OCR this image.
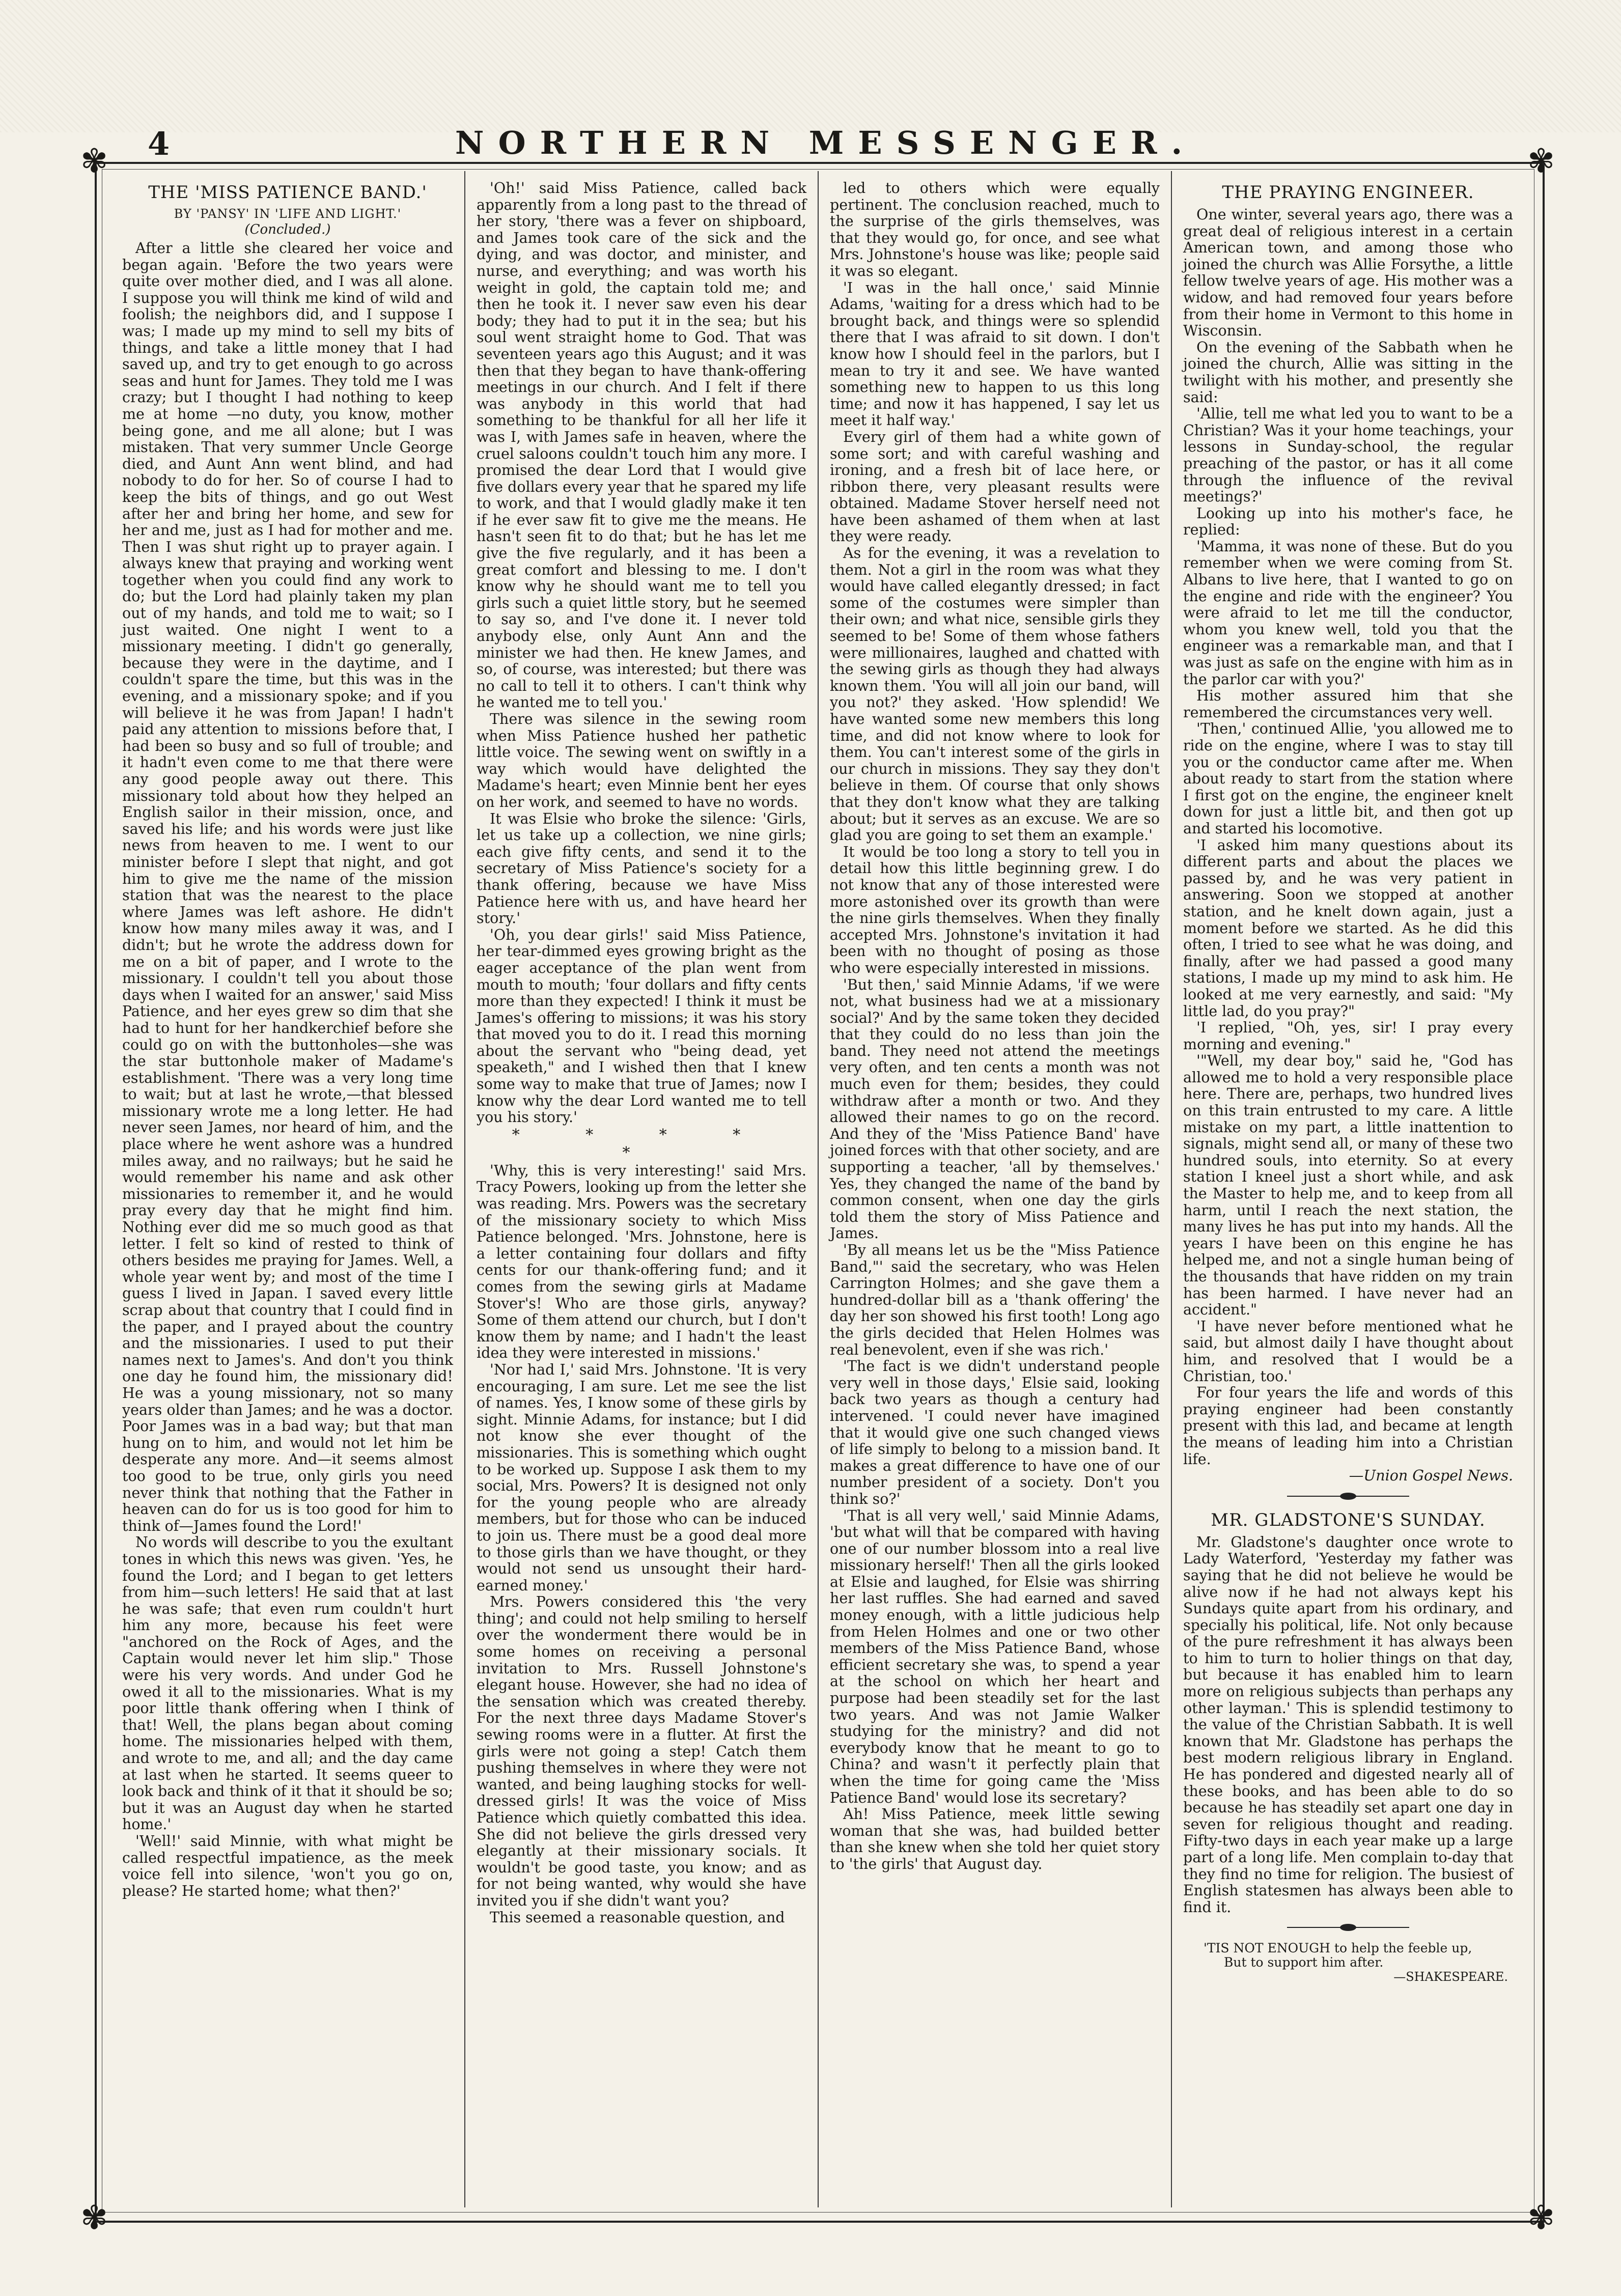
4	NORTHERN MESSENGER.
✾	✾
✾	✾
THE 'MISS PATIENCE BAND.'
BY 'PANSY' IN 'LIFE AND LIGHT.'
(Concluded.)

After a little she cleared her voice and began again. 'Before the two years were quite over mother died, and I was all alone. I suppose you will think me kind of wild and foolish; the neighbors did, and I suppose I was; I made up my mind to sell my bits of things, and take a little money that I had saved up, and try to get enough to go across seas and hunt for James. They told me I was crazy; but I thought I had nothing to keep me at home —no duty, you know, mother being gone, and me all alone; but I was mistaken. That very summer Uncle George died, and Aunt Ann went blind, and had nobody to do for her. So of course I had to keep the bits of things, and go out West after her and bring her home, and sew for her and me, just as I had for mother and me. Then I was shut right up to prayer again. I always knew that praying and working went together when you could find any work to do; but the Lord had plainly taken my plan out of my hands, and told me to wait; so I just waited. One night I went to a missionary meeting. I didn't go generally, because they were in the daytime, and I couldn't spare the time, but this was in the evening, and a missionary spoke; and if you will believe it he was from Japan! I hadn't paid any attention to missions before that, I had been so busy and so full of trouble; and it hadn't even come to me that there were any good people away out there. This missionary told about how they helped an English sailor in their mission, once, and saved his life; and his words were just like news from heaven to me. I went to our minister before I slept that night, and got him to give me the name of the mission station that was the nearest to the place where James was left ashore. He didn't know how many miles away it was, and I didn't; but he wrote the address down for me on a bit of paper, and I wrote to the missionary. I couldn't tell you about those days when I waited for an answer,' said Miss Patience, and her eyes grew so dim that she had to hunt for her handkerchief before she could go on with the buttonholes—she was the star buttonhole maker of Madame's establishment. 'There was a very long time to wait; but at last he wrote,—that blessed missionary wrote me a long letter. He had never seen James, nor heard of him, and the place where he went ashore was a hundred miles away, and no railways; but he said he would remember his name and ask other missionaries to remember it, and he would pray every day that he might find him. Nothing ever did me so much good as that letter. I felt so kind of rested to think of others besides me praying for James. Well, a whole year went by; and most of the time I guess I lived in Japan. I saved every little scrap about that country that I could find in the paper, and I prayed about the country and the missionaries. I used to put their names next to James's. And don't you think one day he found him, the missionary did! He was a young missionary, not so many years older than James; and he was a doctor. Poor James was in a bad way; but that man hung on to him, and would not let him be desperate any more. And—it seems almost too good to be true, only girls you need never think that nothing that the Father in heaven can do for us is too good for him to think of—James found the Lord!'

No words will describe to you the exultant tones in which this news was given. 'Yes, he found the Lord; and I began to get letters from him—such letters! He said that at last he was safe; that even rum couldn't hurt him any more, because his feet were "anchored on the Rock of Ages, and the Captain would never let him slip." Those were his very words. And under God he owed it all to the missionaries. What is my poor little thank offering when I think of that! Well, the plans began about coming home. The missionaries helped with them, and wrote to me, and all; and the day came at last when he started. It seems queer to look back and think of it that it should be so; but it was an August day when he started home.'

'Well!' said Minnie, with what might be called respectful impatience, as the meek voice fell into silence, 'won't you go on, please? He started home; what then?'

'Oh!' said Miss Patience, called back apparently from a long past to the thread of her story, 'there was a fever on shipboard, and James took care of the sick and the dying, and was doctor, and minister, and nurse, and everything; and was worth his weight in gold, the captain told me; and then he took it. I never saw even his dear body; they had to put it in the sea; but his soul went straight home to God. That was seventeen years ago this August; and it was then that they began to have thank-offering meetings in our church. And I felt if there was anybody in this world that had something to be thankful for all her life it was I, with James safe in heaven, where the cruel saloons couldn't touch him any more. I promised the dear Lord that I would give five dollars every year that he spared my life to work, and that I would gladly make it ten if he ever saw fit to give me the means. He hasn't seen fit to do that; but he has let me give the five regularly, and it has been a great comfort and blessing to me. I don't know why he should want me to tell you girls such a quiet little story, but he seemed to say so, and I've done it. I never told anybody else, only Aunt Ann and the minister we had then. He knew James, and so, of course, was interested; but there was no call to tell it to others. I can't think why he wanted me to tell you.'

There was silence in the sewing room when Miss Patience hushed her pathetic little voice. The sewing went on swiftly in a way which would have delighted the Madame's heart; even Minnie bent her eyes on her work, and seemed to have no words.

It was Elsie who broke the silence: 'Girls, let us take up a collection, we nine girls; each give fifty cents, and send it to the secretary of Miss Patience's society for a thank offering, because we have Miss Patience here with us, and have heard her story.'

'Oh, you dear girls!' said Miss Patience, her tear-dimmed eyes growing bright as the eager acceptance of the plan went from mouth to mouth; 'four dollars and fifty cents more than they expected! I think it must be James's offering to missions; it was his story that moved you to do it. I read this morning about the servant who "being dead, yet speaketh," and I wished then that I knew some way to make that true of James; now I know why the dear Lord wanted me to tell you his story.'

* * * * *

'Why, this is very interesting!' said Mrs. Tracy Powers, looking up from the letter she was reading. Mrs. Powers was the secretary of the missionary society to which Miss Patience belonged. 'Mrs. Johnstone, here is a letter containing four dollars and fifty cents for our thank-offering fund; and it comes from the sewing girls at Madame Stover's! Who are those girls, anyway? Some of them attend our church, but I don't know them by name; and I hadn't the least idea they were interested in missions.'

'Nor had I,' said Mrs. Johnstone. 'It is very encouraging, I am sure. Let me see the list of names. Yes, I know some of these girls by sight. Minnie Adams, for instance; but I did not know she ever thought of the missionaries. This is something which ought to be worked up. Suppose I ask them to my social, Mrs. Powers? It is designed not only for the young people who are already members, but for those who can be induced to join us. There must be a good deal more to those girls than we have thought, or they would not send us unsought their hard-earned money.'

Mrs. Powers considered this 'the very thing'; and could not help smiling to herself over the wonderment there would be in some homes on receiving a personal invitation to Mrs. Russell Johnstone's elegant house. However, she had no idea of the sensation which was created thereby. For the next three days Madame Stover's sewing rooms were in a flutter. At first the girls were not going a step! Catch them pushing themselves in where they were not wanted, and being laughing stocks for well-dressed girls! It was the voice of Miss Patience which quietly combatted this idea. She did not believe the girls dressed very elegantly at their missionary socials. It wouldn't be good taste, you know; and as for not being wanted, why would she have invited you if she didn't want you?

This seemed a reasonable question, and

led to others which were equally pertinent. The conclusion reached, much to the surprise of the girls themselves, was that they would go, for once, and see what Mrs. Johnstone's house was like; people said it was so elegant.

'I was in the hall once,' said Minnie Adams, 'waiting for a dress which had to be brought back, and things were so splendid there that I was afraid to sit down. I don't know how I should feel in the parlors, but I mean to try it and see. We have wanted something new to happen to us this long time; and now it has happened, I say let us meet it half way.'

Every girl of them had a white gown of some sort; and with careful washing and ironing, and a fresh bit of lace here, or ribbon there, very pleasant results were obtained. Madame Stover herself need not have been ashamed of them when at last they were ready.

As for the evening, it was a revelation to them. Not a girl in the room was what they would have called elegantly dressed; in fact some of the costumes were simpler than their own; and what nice, sensible girls they seemed to be! Some of them whose fathers were millionaires, laughed and chatted with the sewing girls as though they had always known them. 'You will all join our band, will you not?' they asked. 'How splendid! We have wanted some new members this long time, and did not know where to look for them. You can't interest some of the girls in our church in missions. They say they don't believe in them. Of course that only shows that they don't know what they are talking about; but it serves as an excuse. We are so glad you are going to set them an example.'

It would be too long a story to tell you in detail how this little beginning grew. I do not know that any of those interested were more astonished over its growth than were the nine girls themselves. When they finally accepted Mrs. Johnstone's invitation it had been with no thought of posing as those who were especially interested in missions.

'But then,' said Minnie Adams, 'if we were not, what business had we at a missionary social?' And by the same token they decided that they could do no less than join the band. They need not attend the meetings very often, and ten cents a month was not much even for them; besides, they could withdraw after a month or two. And they allowed their names to go on the record. And they of the 'Miss Patience Band' have joined forces with that other society, and are supporting a teacher, 'all by themselves.' Yes, they changed the name of the band by common consent, when one day the girls told them the story of Miss Patience and James.

'By all means let us be the "Miss Patience Band,"' said the secretary, who was Helen Carrington Holmes; and she gave them a hundred-dollar bill as a 'thank offering' the day her son showed his first tooth! Long ago the girls decided that Helen Holmes was real benevolent, even if she was rich.'

'The fact is we didn't understand people very well in those days,' Elsie said, looking back two years as though a century had intervened. 'I could never have imagined that it would give one such changed views of life simply to belong to a mission band. It makes a great difference to have one of our number president of a society. Don't you think so?'

'That is all very well,' said Minnie Adams, 'but what will that be compared with having one of our number blossom into a real live missionary herself!' Then all the girls looked at Elsie and laughed, for Elsie was shirring her last ruffles. She had earned and saved money enough, with a little judicious help from Helen Holmes and one or two other members of the Miss Patience Band, whose efficient secretary she was, to spend a year at the school on which her heart and purpose had been steadily set for the last two years. And was not Jamie Walker studying for the ministry? and did not everybody know that he meant to go to China? and wasn't it perfectly plain that when the time for going came the 'Miss Patience Band' would lose its secretary?

Ah! Miss Patience, meek little sewing woman that she was, had builded better than she knew when she told her quiet story to 'the girls' that August day.

THE PRAYING ENGINEER.

One winter, several years ago, there was a great deal of religious interest in a certain American town, and among those who joined the church was Allie Forsythe, a little fellow twelve years of age. His mother was a widow, and had removed four years before from their home in Vermont to this home in Wisconsin.

On the evening of the Sabbath when he joined the church, Allie was sitting in the twilight with his mother, and presently she said:

'Allie, tell me what led you to want to be a Christian? Was it your home teachings, your lessons in Sunday-school, the regular preaching of the pastor, or has it all come through the influence of the revival meetings?'

Looking up into his mother's face, he replied:

'Mamma, it was none of these. But do you remember when we were coming from St. Albans to live here, that I wanted to go on the engine and ride with the engineer? You were afraid to let me till the conductor, whom you knew well, told you that the engineer was a remarkable man, and that I was just as safe on the engine with him as in the parlor car with you?'

His mother assured him that she remembered the circumstances very well.

'Then,' continued Allie, 'you allowed me to ride on the engine, where I was to stay till you or the conductor came after me. When about ready to start from the station where I first got on the engine, the engineer knelt down for just a little bit, and then got up and started his locomotive.

'I asked him many questions about its different parts and about the places we passed by, and he was very patient in answering. Soon we stopped at another station, and he knelt down again, just a moment before we started. As he did this often, I tried to see what he was doing, and finally, after we had passed a good many stations, I made up my mind to ask him. He looked at me very earnestly, and said: "My little lad, do you pray?"

'I replied, "Oh, yes, sir! I pray every morning and evening."

'"Well, my dear boy," said he, "God has allowed me to hold a very responsible place here. There are, perhaps, two hundred lives on this train entrusted to my care. A little mistake on my part, a little inattention to signals, might send all, or many of these two hundred souls, into eternity. So at every station I kneel just a short while, and ask the Master to help me, and to keep from all harm, until I reach the next station, the many lives he has put into my hands. All the years I have been on this engine he has helped me, and not a single human being of the thousands that have ridden on my train has been harmed. I have never had an accident."

'I have never before mentioned what he said, but almost daily I have thought about him, and resolved that I would be a Christian, too.'

For four years the life and words of this praying engineer had been constantly present with this lad, and became at length the means of leading him into a Christian life.

—Union Gospel News.

MR. GLADSTONE'S SUNDAY.

Mr. Gladstone's daughter once wrote to Lady Waterford, 'Yesterday my father was saying that he did not believe he would be alive now if he had not always kept his Sundays quite apart from his ordinary, and specially his political, life. Not only because of the pure refreshment it has always been to him to turn to holier things on that day, but because it has enabled him to learn more on religious subjects than perhaps any other layman.' This is splendid testimony to the value of the Christian Sabbath. It is well known that Mr. Gladstone has perhaps the best modern religious library in England. He has pondered and digested nearly all of these books, and has been able to do so because he has steadily set apart one day in seven for religious thought and reading. Fifty-two days in each year make up a large part of a long life. Men complain to-day that they find no time for religion. The busiest of English statesmen has always been able to find it.

'TIS NOT ENOUGH to help the feeble up,

But to support him after.

—SHAKESPEARE.
